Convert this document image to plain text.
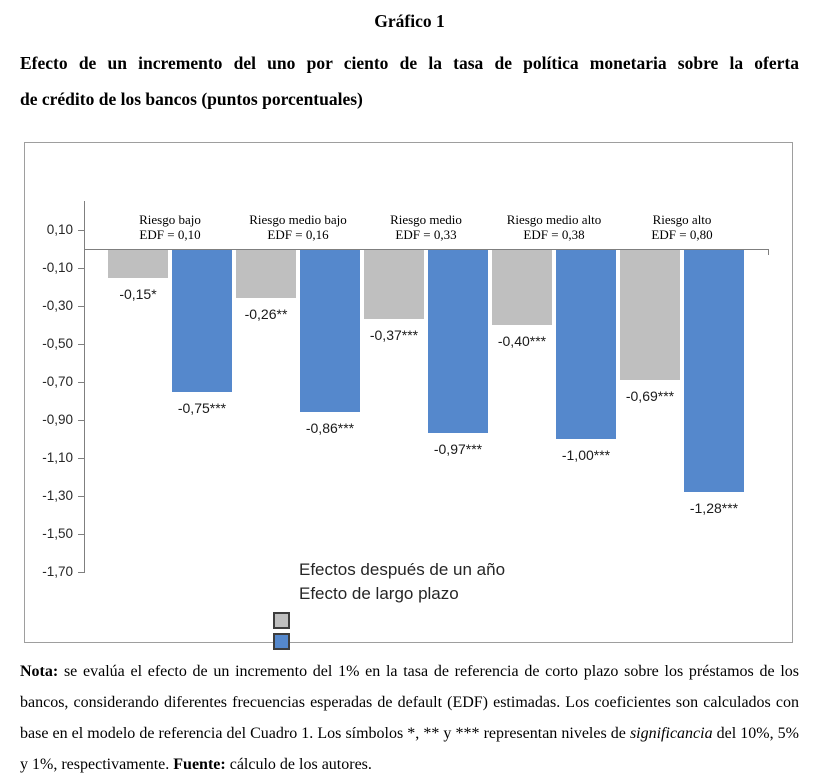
Gráfico 1
Efecto de un incremento del uno por ciento de la tasa de política monetaria sobre la oferta
de crédito de los bancos (puntos porcentuales)
0,10
-0,10
-0,30
-0,50
-0,70
-0,90
-1,10
-1,30
-1,50
-1,70
Riesgo bajo
EDF = 0,10
Riesgo medio bajo
EDF = 0,16
Riesgo medio
EDF = 0,33
Riesgo medio alto
EDF = 0,38
Riesgo alto
EDF = 0,80
-0,15*
-0,26**
-0,37***	-0,40***
-0,69***
-0,75***
-0,86***
-0,97***	-1,00***
-1,28***
Efectos después de un año
Efecto de largo plazo
Nota: se evalúa el efecto de un incremento del 1% en la tasa de referencia de corto plazo sobre los préstamos de los bancos, considerando diferentes frecuencias esperadas de default (EDF) estimadas. Los coeficientes son calculados con base en el modelo de referencia del Cuadro 1. Los símbolos *, ** y *** representan niveles de significancia del 10%, 5% y 1%, respectivamente. Fuente: cálculo de los autores.
